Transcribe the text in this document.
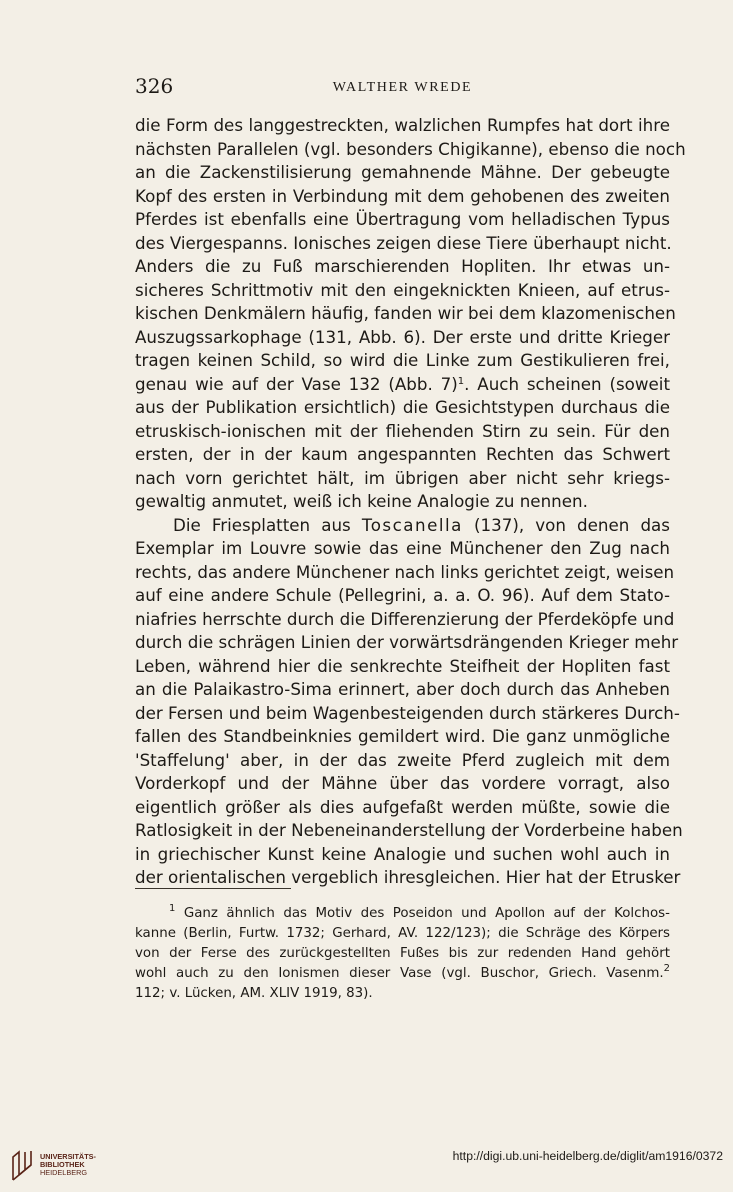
326	WALTHER WREDE
die Form des langgestreckten, walzlichen Rumpfes hat dort ihre
nächsten Parallelen (vgl. besonders Chigikanne), ebenso die noch
an die Zackenstilisierung gemahnende Mähne. Der gebeugte
Kopf des ersten in Verbindung mit dem gehobenen des zweiten
Pferdes ist ebenfalls eine Übertragung vom helladischen Typus
des Viergespanns. Ionisches zeigen diese Tiere überhaupt nicht.
Anders die zu Fuß marschierenden Hopliten. Ihr etwas un-
sicheres Schrittmotiv mit den eingeknickten Knieen, auf etrus-
kischen Denkmälern häufig, fanden wir bei dem klazomenischen
Auszugssarkophage (131, Abb. 6). Der erste und dritte Krieger
tragen keinen Schild, so wird die Linke zum Gestikulieren frei,
genau wie auf der Vase 132 (Abb. 7)$^1$. Auch scheinen (soweit
aus der Publikation ersichtlich) die Gesichtstypen durchaus die
etruskisch-ionischen mit der fliehenden Stirn zu sein. Für den
ersten, der in der kaum angespannten Rechten das Schwert
nach vorn gerichtet hält, im übrigen aber nicht sehr kriegs-
gewaltig anmutet, weiß ich keine Analogie zu nennen.
Die Friesplatten aus Toscanella (137), von denen das
Exemplar im Louvre sowie das eine Münchener den Zug nach
rechts, das andere Münchener nach links gerichtet zeigt, weisen
auf eine andere Schule (Pellegrini, a. a. O. 96). Auf dem Stato-
niafries herrschte durch die Differenzierung der Pferdeköpfe und
durch die schrägen Linien der vorwärtsdrängenden Krieger mehr
Leben, während hier die senkrechte Steifheit der Hopliten fast
an die Palaikastro-Sima erinnert, aber doch durch das Anheben
der Fersen und beim Wagenbesteigenden durch stärkeres Durch-
fallen des Standbeinknies gemildert wird. Die ganz unmögliche
'Staffelung' aber, in der das zweite Pferd zugleich mit dem
Vorderkopf und der Mähne über das vordere vorragt, also
eigentlich größer als dies aufgefaßt werden müßte, sowie die
Ratlosigkeit in der Nebeneinanderstellung der Vorderbeine haben
in griechischer Kunst keine Analogie und suchen wohl auch in
der orientalischen vergeblich ihresgleichen. Hier hat der Etrusker
$^1$ Ganz ähnlich das Motiv des Poseidon und Apollon auf der Kolchos-
kanne (Berlin, Furtw. 1732; Gerhard, AV. 122/123); die Schräge des Körpers
von der Ferse des zurückgestellten Fußes bis zur redenden Hand gehört
wohl auch zu den Ionismen dieser Vase (vgl. Buschor, Griech. Vasenm.$^2$
112; v. Lücken, AM. XLIV 1919, 83).
UNIVERSITÄTS-
BIBLIOTHEK
HEIDELBERG
http://digi.ub.uni-heidelberg.de/diglit/am1916/0372
